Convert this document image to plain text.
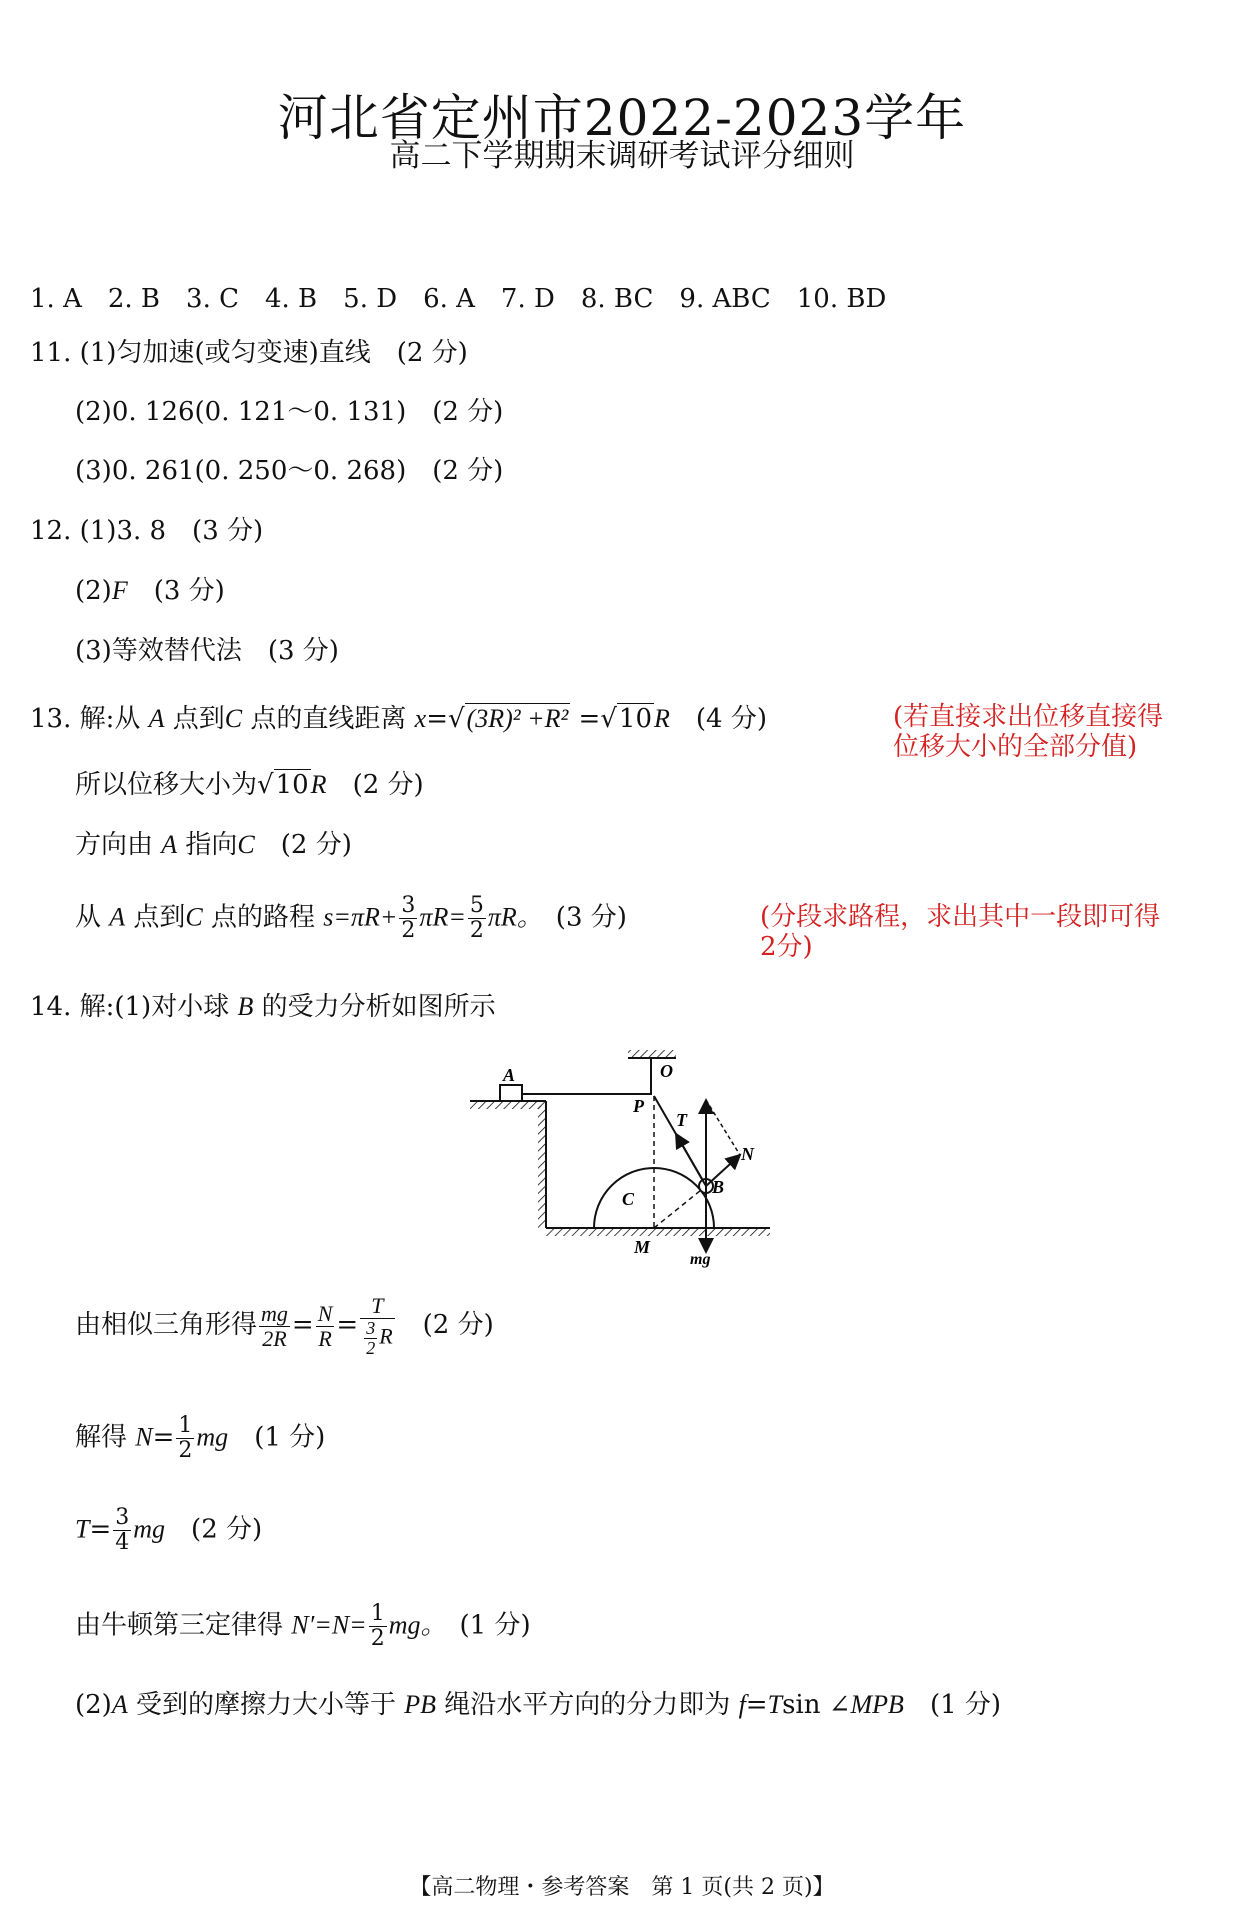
河北省定州市2022-2023学年
高二下学期期末调研考试评分细则
1. A　2. B　3. C　4. B　5. D　6. A　7. D　8. BC　9. ABC　10. BD
11. (1)匀加速(或匀变速)直线　(2 分)
(2)0. 126(0. 121～0. 131)　(2 分)
(3)0. 261(0. 250～0. 268)　(2 分)
12. (1)3. 8　(3 分)
(2)F　(3 分)
(3)等效替代法　(3 分)
13. 解:从 A 点到C 点的直线距离 x=√(3R)² +R² =√10R　(4 分)	(若直接求出位移直接得
位移大小的全部分值)
所以位移大小为√10R　(2 分)
方向由 A 指向C　(2 分)
从 A 点到C 点的路程 $s=\pi R+ \frac{3}{2} \pi R= \frac{5}{2}$ πR。　(3 分)	(分段求路程，求出其中一段即可得
2分)
14. 解:(1)对小球 B 的受力分析如图所示
A	O
P
T
N
B
C
M
mg
由相似三角形得 $\frac{mg}{2R} = \frac{N}{R} = \frac{T}{\frac{3}{2} R}$ 　(2 分)
解得 $N= \frac{1}{2}$ mg　(1 分)
$T= \frac{3}{4}$ mg　(2 分)
由牛顿第三定律得 $N'=N= \frac{1}{2}$ mg。　(1 分)
(2)A 受到的摩擦力大小等于 PB 绳沿水平方向的分力即为 f=Tsin ∠MPB　(1 分)
【高二物理・参考答案　第 1 页(共 2 页)】
